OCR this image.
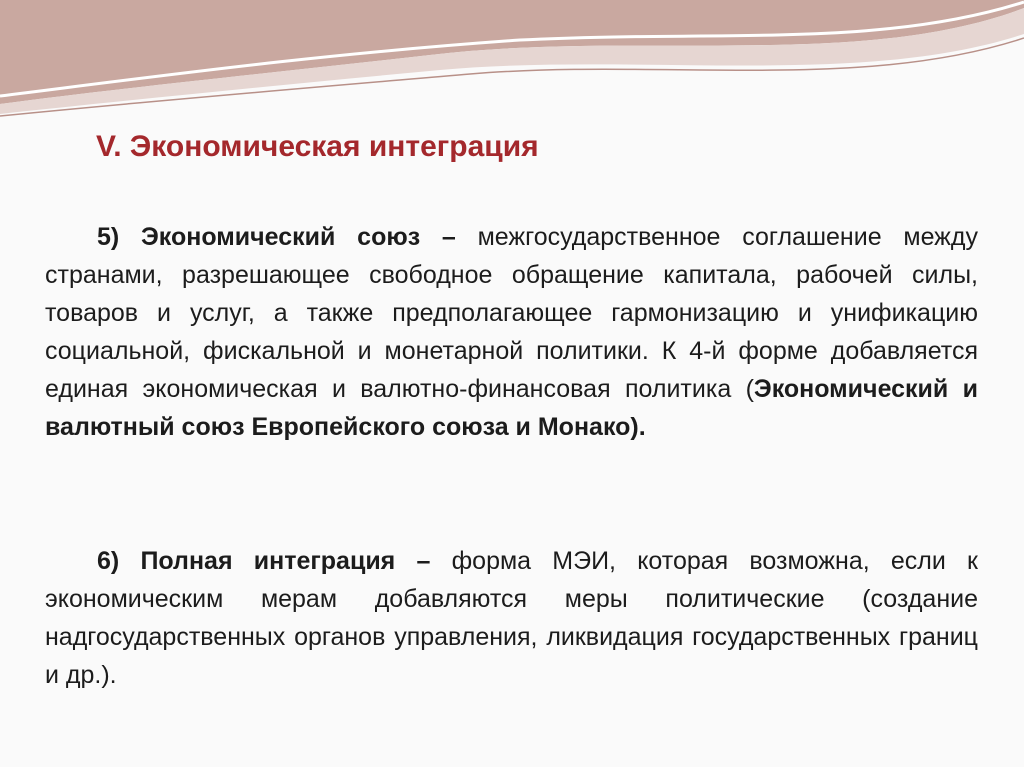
V. Экономическая интеграция

5) Экономический союз – межгосударственное соглашение между странами, разрешающее свободное обращение капитала, рабочей силы, товаров и услуг, а также предполагающее гармонизацию и унификацию социальной, фискальной и монетарной политики. К 4-й форме добавляется единая экономическая и валютно-финансовая политика (Экономический и валютный союз Европейского союза и Монако).

6) Полная интеграция – форма МЭИ, которая возможна, если к экономическим мерам добавляются меры политические (создание надгосударственных органов управления, ликвидация государственных границ и др.).
